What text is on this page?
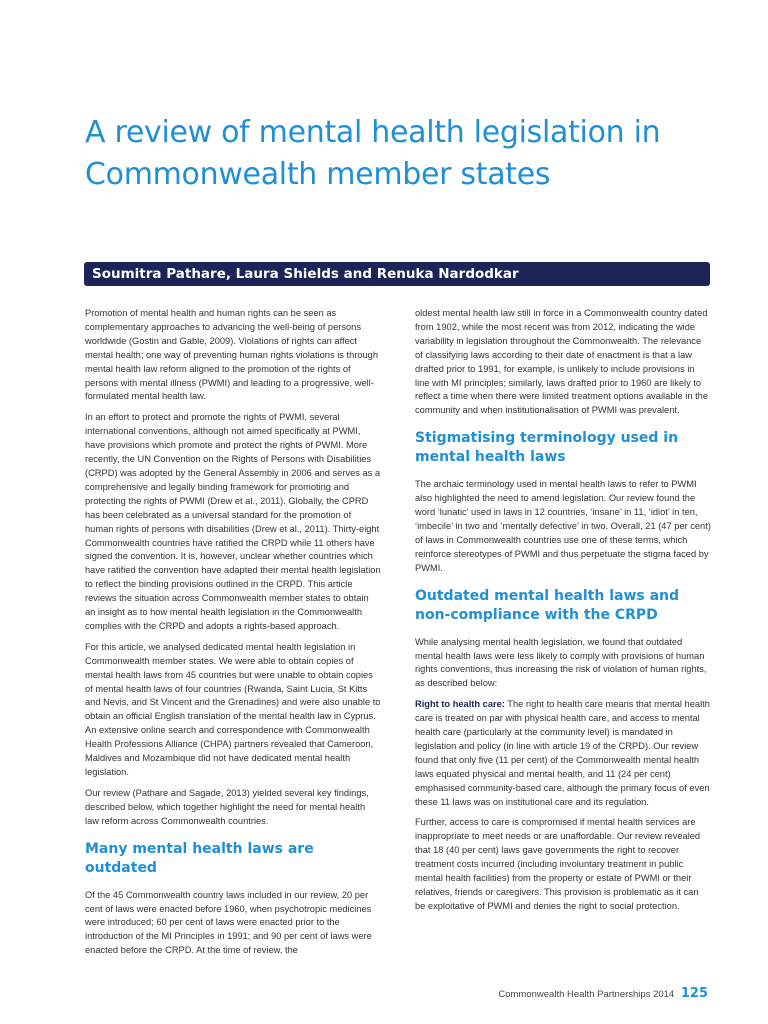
A review of mental health legislation in Commonwealth member states
Soumitra Pathare, Laura Shields and Renuka Nardodkar

Promotion of mental health and human rights can be seen as complementary approaches to advancing the well-being of persons worldwide (Gostin and Gable, 2009). Violations of rights can affect mental health; one way of preventing human rights violations is through mental health law reform aligned to the promotion of the rights of persons with mental illness (PWMI) and leading to a progressive, well-formulated mental health law.

In an effort to protect and promote the rights of PWMI, several international conventions, although not aimed specifically at PWMI, have provisions which promote and protect the rights of PWMI. More recently, the UN Convention on the Rights of Persons with Disabilities (CRPD) was adopted by the General Assembly in 2006 and serves as a comprehensive and legally binding framework for promoting and protecting the rights of PWMI (Drew et al., 2011). Globally, the CPRD has been celebrated as a universal standard for the promotion of human rights of persons with disabilities (Drew et al., 2011). Thirty-eight Commonwealth countries have ratified the CRPD while 11 others have signed the convention. It is, however, unclear whether countries which have ratified the convention have adapted their mental health legislation to reflect the binding provisions outlined in the CRPD. This article reviews the situation across Commonwealth member states to obtain an insight as to how mental health legislation in the Commonwealth complies with the CRPD and adopts a rights-based approach.

For this article, we analysed dedicated mental health legislation in Commonwealth member states. We were able to obtain copies of mental health laws from 45 countries but were unable to obtain copies of mental health laws of four countries (Rwanda, Saint Lucia, St Kitts and Nevis, and St Vincent and the Grenadines) and were also unable to obtain an official English translation of the mental health law in Cyprus. An extensive online search and correspondence with Commonwealth Health Professions Alliance (CHPA) partners revealed that Cameroon, Maldives and Mozambique did not have dedicated mental health legislation.

Our review (Pathare and Sagade, 2013) yielded several key findings, described below, which together highlight the need for mental health law reform across Commonwealth countries.

Many mental health laws are outdated

Of the 45 Commonwealth country laws included in our review, 20 per cent of laws were enacted before 1960, when psychotropic medicines were introduced; 60 per cent of laws were enacted prior to the introduction of the MI Principles in 1991; and 90 per cent of laws were enacted before the CRPD. At the time of review, the

oldest mental health law still in force in a Commonwealth country dated from 1902, while the most recent was from 2012, indicating the wide variability in legislation throughout the Commonwealth. The relevance of classifying laws according to their date of enactment is that a law drafted prior to 1991, for example, is unlikely to include provisions in line with MI principles; similarly, laws drafted prior to 1960 are likely to reflect a time when there were limited treatment options available in the community and when institutionalisation of PWMI was prevalent.

Stigmatising terminology used in mental health laws

The archaic terminology used in mental health laws to refer to PWMI also highlighted the need to amend legislation. Our review found the word ‘lunatic’ used in laws in 12 countries, ‘insane’ in 11, ‘idiot’ in ten, ‘imbecile’ in two and ‘mentally defective’ in two. Overall, 21 (47 per cent) of laws in Commonwealth countries use one of these terms, which reinforce stereotypes of PWMI and thus perpetuate the stigma faced by PWMI.

Outdated mental health laws and non-compliance with the CRPD

While analysing mental health legislation, we found that outdated mental health laws were less likely to comply with provisions of human rights conventions, thus increasing the risk of violation of human rights, as described below:

Right to health care: The right to health care means that mental health care is treated on par with physical health care, and access to mental health care (particularly at the community level) is mandated in legislation and policy (in line with article 19 of the CRPD). Our review found that only five (11 per cent) of the Commonwealth mental health laws equated physical and mental health, and 11 (24 per cent) emphasised community-based care, although the primary focus of even these 11 laws was on institutional care and its regulation.

Further, access to care is compromised if mental health services are inappropriate to meet needs or are unaffordable. Our review revealed that 18 (40 per cent) laws gave governments the right to recover treatment costs incurred (including involuntary treatment in public mental health facilities) from the property or estate of PWMI or their relatives, friends or caregivers. This provision is problematic as it can be exploitative of PWMI and denies the right to social protection.

Commonwealth Health Partnerships 2014 125
